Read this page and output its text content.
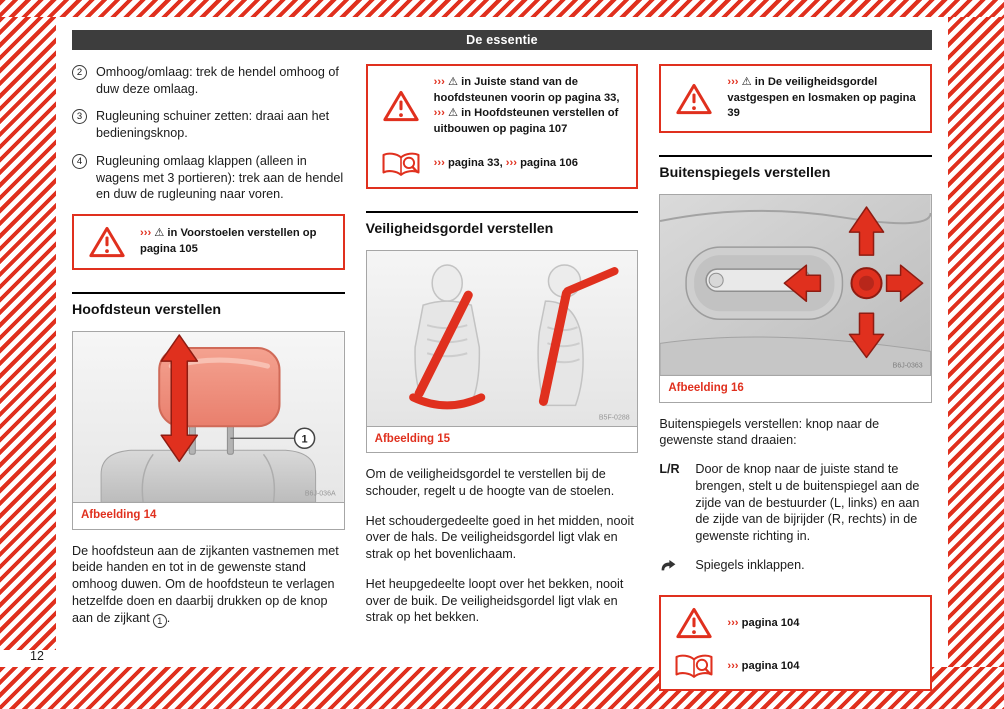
De essentie
12
2	Omhoog/omlaag: trek de hendel omhoog of duw deze omlaag.
3	Rugleuning schuiner zetten: draai aan het bedieningsknop.
4	Rugleuning omlaag klappen (alleen in wagens met 3 portieren): trek aan de hendel en duw de rugleuning naar voren.

››› ⚠ in Voorstoelen verstellen op pagina 105

Hoofdsteun verstellen
1
B6J-036A
Afbeelding 14

De hoofdsteun aan de zijkanten vastnemen met beide handen en tot in de gewenste stand omhoog duwen. Om de hoofdsteun te verlagen hetzelfde doen en daarbij drukken op de knop aan de zijkant 1 .

››› ⚠ in Juiste stand van de hoofdsteunen voorin op pagina 33, ››› ⚠ in Hoofdsteunen verstellen of uitbouwen op pagina 107

››› pagina 33, ››› pagina 106

Veiligheidsgordel verstellen
B5F-0288
Afbeelding 15

Om de veiligheidsgordel te verstellen bij de schouder, regelt u de hoogte van de stoelen.

Het schoudergedeelte goed in het midden, nooit over de hals. De veiligheidsgordel ligt vlak en strak op het bovenlichaam.

Het heupgedeelte loopt over het bekken, nooit over de buik. De veiligheidsgordel ligt vlak en strak op het bekken.

››› ⚠ in De veiligheidsgordel vastgespen en losmaken op pagina 39

Buitenspiegels verstellen
B6J-0363
Afbeelding 16

Buitenspiegels verstellen: knop naar de gewenste stand draaien:

L/R	Door de knop naar de juiste stand te brengen, stelt u de buitenspiegel aan de zijde van de bestuurder (L, links) en aan de zijde van de bijrijder (R, rechts) in de gewenste richting in.
Spiegels inklappen.

››› pagina 104

››› pagina 104
